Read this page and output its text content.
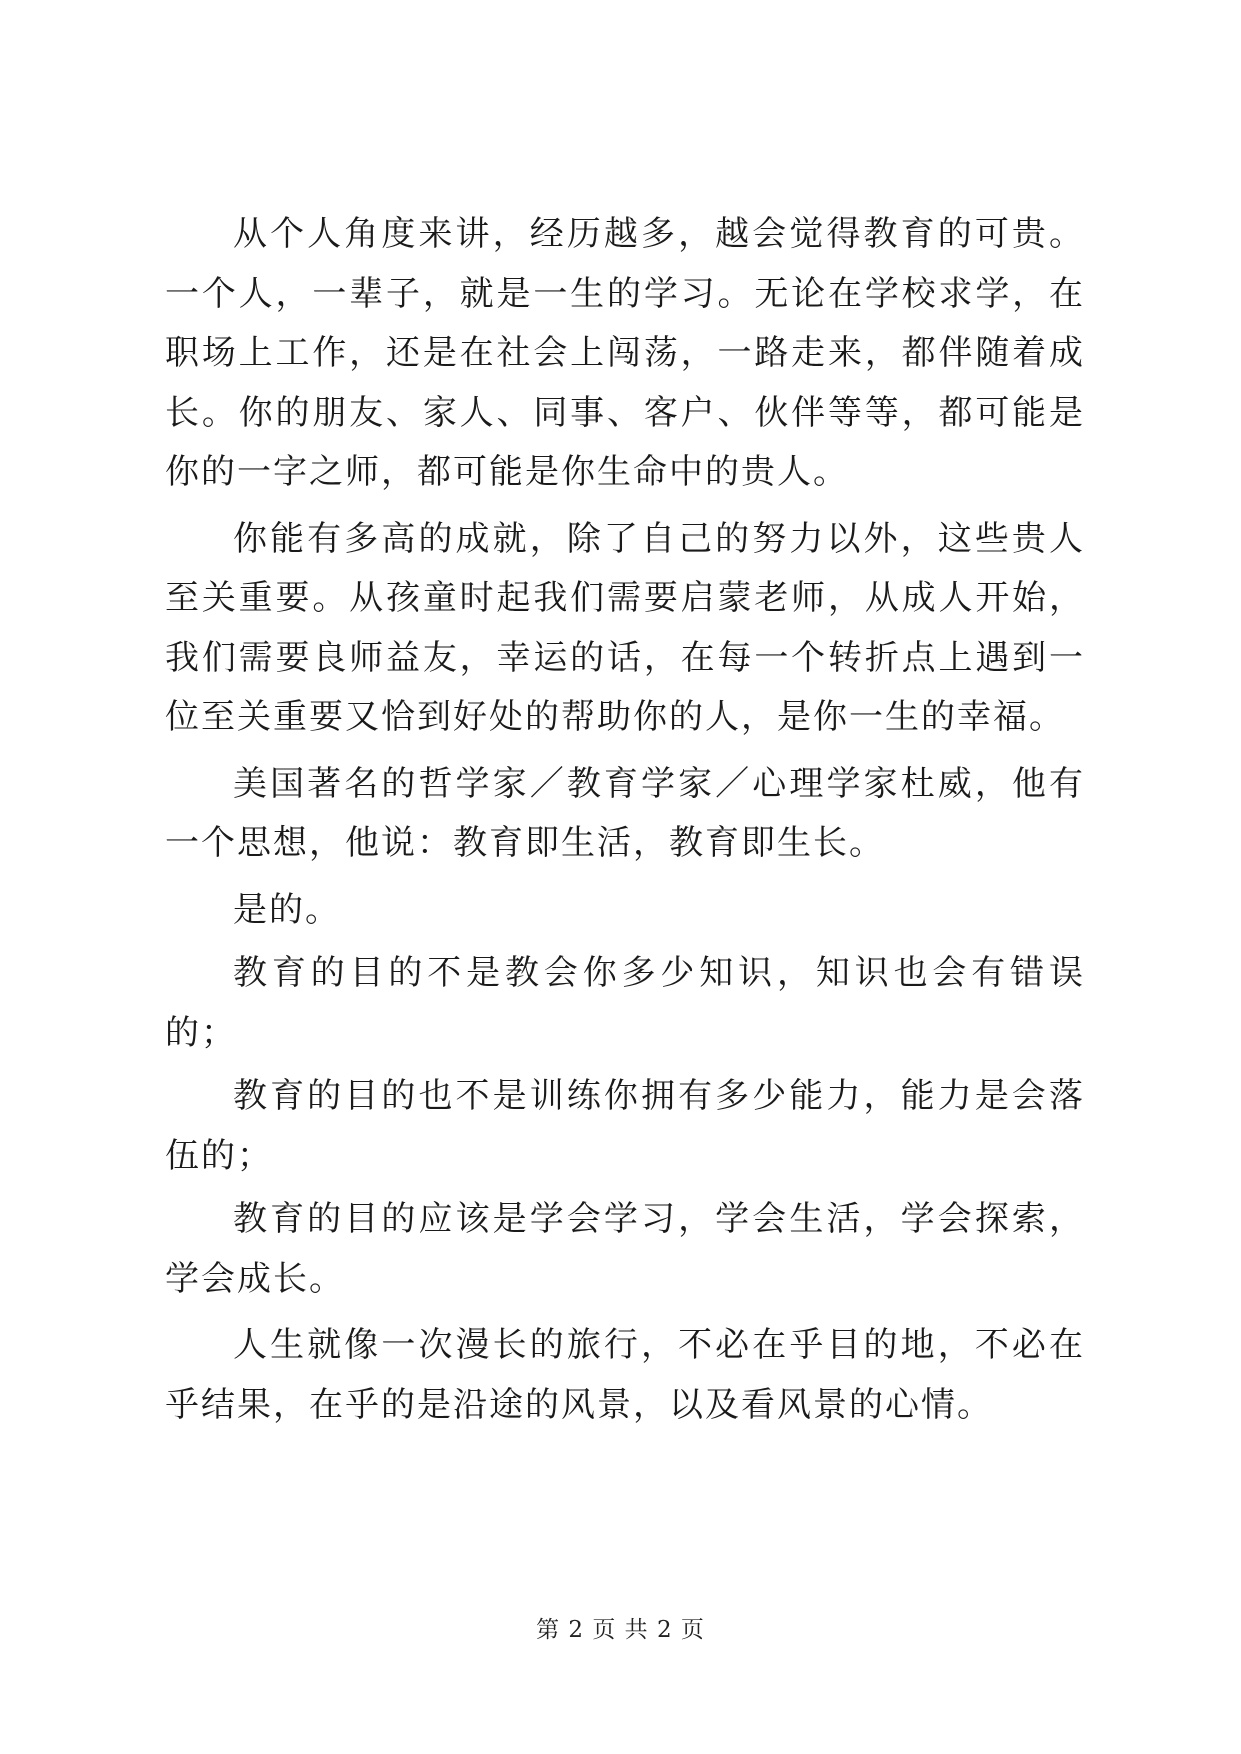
从个人角度来讲，经历越多，越会觉得教育的可贵。一个人，一辈子，就是一生的学习。无论在学校求学，在职场上工作，还是在社会上闯荡，一路走来，都伴随着成长。你的朋友、家人、同事、客户、伙伴等等，都可能是你的一字之师，都可能是你生命中的贵人。

你能有多高的成就，除了自己的努力以外，这些贵人至关重要。从孩童时起我们需要启蒙老师，从成人开始，我们需要良师益友，幸运的话，在每一个转折点上遇到一位至关重要又恰到好处的帮助你的人，是你一生的幸福。

美国著名的哲学家／教育学家／心理学家杜威，他有一个思想，他说：教育即生活，教育即生长。

是的。

教育的目的不是教会你多少知识，知识也会有错误的；

教育的目的也不是训练你拥有多少能力，能力是会落伍的；

教育的目的应该是学会学习，学会生活，学会探索，学会成长。

人生就像一次漫长的旅行，不必在乎目的地，不必在乎结果，在乎的是沿途的风景，以及看风景的心情。

第 2 页 共 2 页
